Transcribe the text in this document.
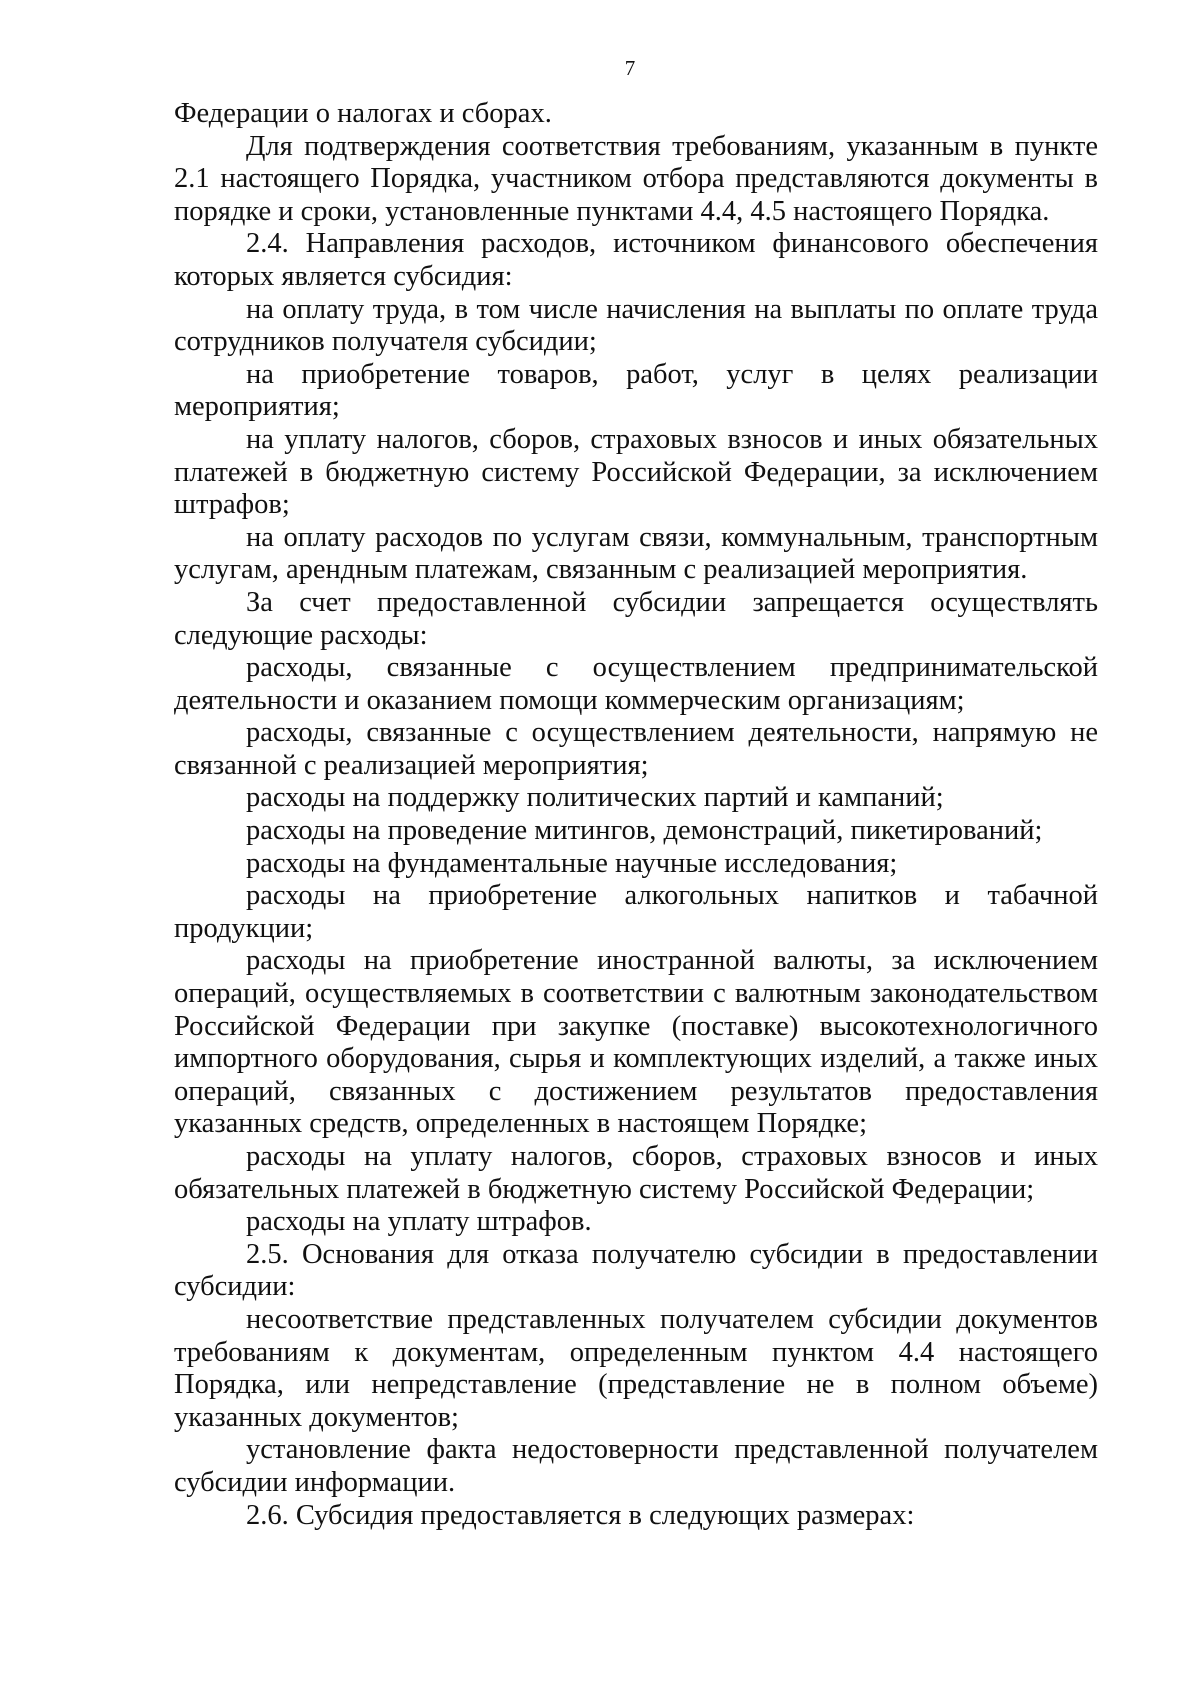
7

Федерации о налогах и сборах.

Для подтверждения соответствия требованиям, указанным в пункте 2.1 настоящего Порядка, участником отбора представляются документы в порядке и сроки, установленные пунктами 4.4, 4.5 настоящего Порядка.

2.4. Направления расходов, источником финансового обеспечения которых является субсидия:

на оплату труда, в том числе начисления на выплаты по оплате труда сотрудников получателя субсидии;

на приобретение товаров, работ, услуг в целях реализации мероприятия;

на уплату налогов, сборов, страховых взносов и иных обязательных платежей в бюджетную систему Российской Федерации, за исключением штрафов;

на оплату расходов по услугам связи, коммунальным, транспортным услугам, арендным платежам, связанным с реализацией мероприятия.

За счет предоставленной субсидии запрещается осуществлять следующие расходы:

расходы, связанные с осуществлением предпринимательской деятельности и оказанием помощи коммерческим организациям;

расходы, связанные с осуществлением деятельности, напрямую не связанной с реализацией мероприятия;

расходы на поддержку политических партий и кампаний;

расходы на проведение митингов, демонстраций, пикетирований;

расходы на фундаментальные научные исследования;

расходы на приобретение алкогольных напитков и табачной продукции;

расходы на приобретение иностранной валюты, за исключением операций, осуществляемых в соответствии с валютным законодательством Российской Федерации при закупке (поставке) высокотехнологичного импортного оборудования, сырья и комплектующих изделий, а также иных операций, связанных с достижением результатов предоставления указанных средств, определенных в настоящем Порядке;

расходы на уплату налогов, сборов, страховых взносов и иных обязательных платежей в бюджетную систему Российской Федерации;

расходы на уплату штрафов.

2.5. Основания для отказа получателю субсидии в предоставлении субсидии:

несоответствие представленных получателем субсидии документов требованиям к документам, определенным пунктом 4.4 настоящего Порядка, или непредставление (представление не в полном объеме) указанных документов;

установление факта недостоверности представленной получателем субсидии информации.

2.6. Субсидия предоставляется в следующих размерах:
